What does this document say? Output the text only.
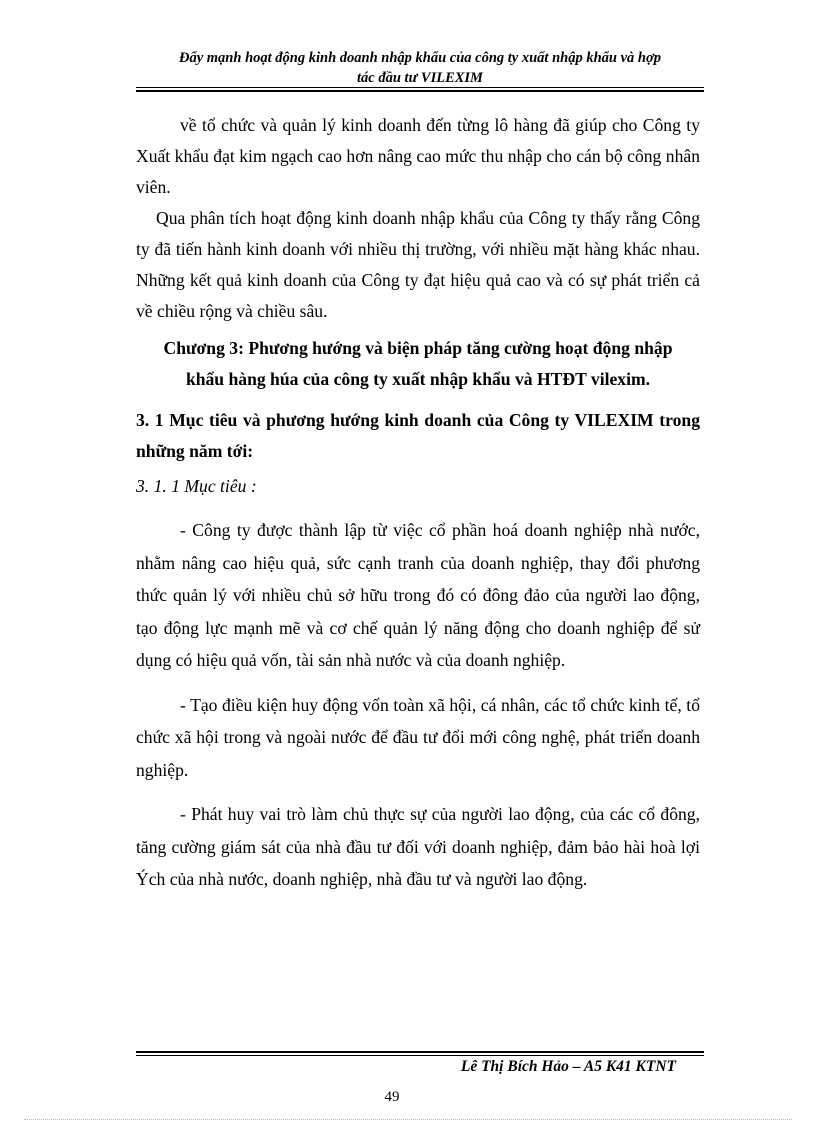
Đẩy mạnh hoạt động kinh doanh nhập khẩu của công ty xuất nhập khẩu và hợp
tác đầu tư VILEXIM

về tổ chức và quản lý kinh doanh đến từng lô hàng đã giúp cho Công ty Xuất khẩu đạt kim ngạch cao hơn nâng cao mức thu nhập cho cán bộ công nhân viên.

Qua phân tích hoạt động kinh doanh nhập khẩu của Công ty thấy rằng Công ty đã tiến hành kinh doanh với nhiều thị trường, với nhiều mặt hàng khác nhau. Những kết quả kinh doanh của Công ty đạt hiệu quả cao và có sự phát triển cả về chiều rộng và chiều sâu.

Chương 3: Phương hướng và biện pháp tăng cường hoạt động nhập
khẩu hàng húa của công ty xuất nhập khẩu và HTĐT vilexim.

3. 1 Mục tiêu và phương hướng kinh doanh của Công ty VILEXIM trong những năm tới:

3. 1. 1 Mục tiêu :

- Công ty được thành lập từ việc cổ phần hoá doanh nghiệp nhà nước, nhằm nâng cao hiệu quả, sức cạnh tranh của doanh nghiệp, thay đổi phương thức quản lý với nhiều chủ sở hữu trong đó có đông đảo của người lao động, tạo động lực mạnh mẽ và cơ chế quản lý năng động cho doanh nghiệp để sử dụng có hiệu quả vốn, tài sản nhà nước và của doanh nghiệp.

- Tạo điều kiện huy động vốn toàn xã hội, cá nhân, các tổ chức kinh tế, tổ chức xã hội trong và ngoài nước để đầu tư đổi mới công nghệ, phát triển doanh nghiệp.

- Phát huy vai trò làm chủ thực sự của người lao động, của các cổ đông, tăng cường giám sát của nhà đầu tư đối với doanh nghiệp, đảm bảo hài hoà lợi Ých của nhà nước, doanh nghiệp, nhà đầu tư và người lao động.

Lê Thị Bích Hảo – A5 K41 KTNT
49
